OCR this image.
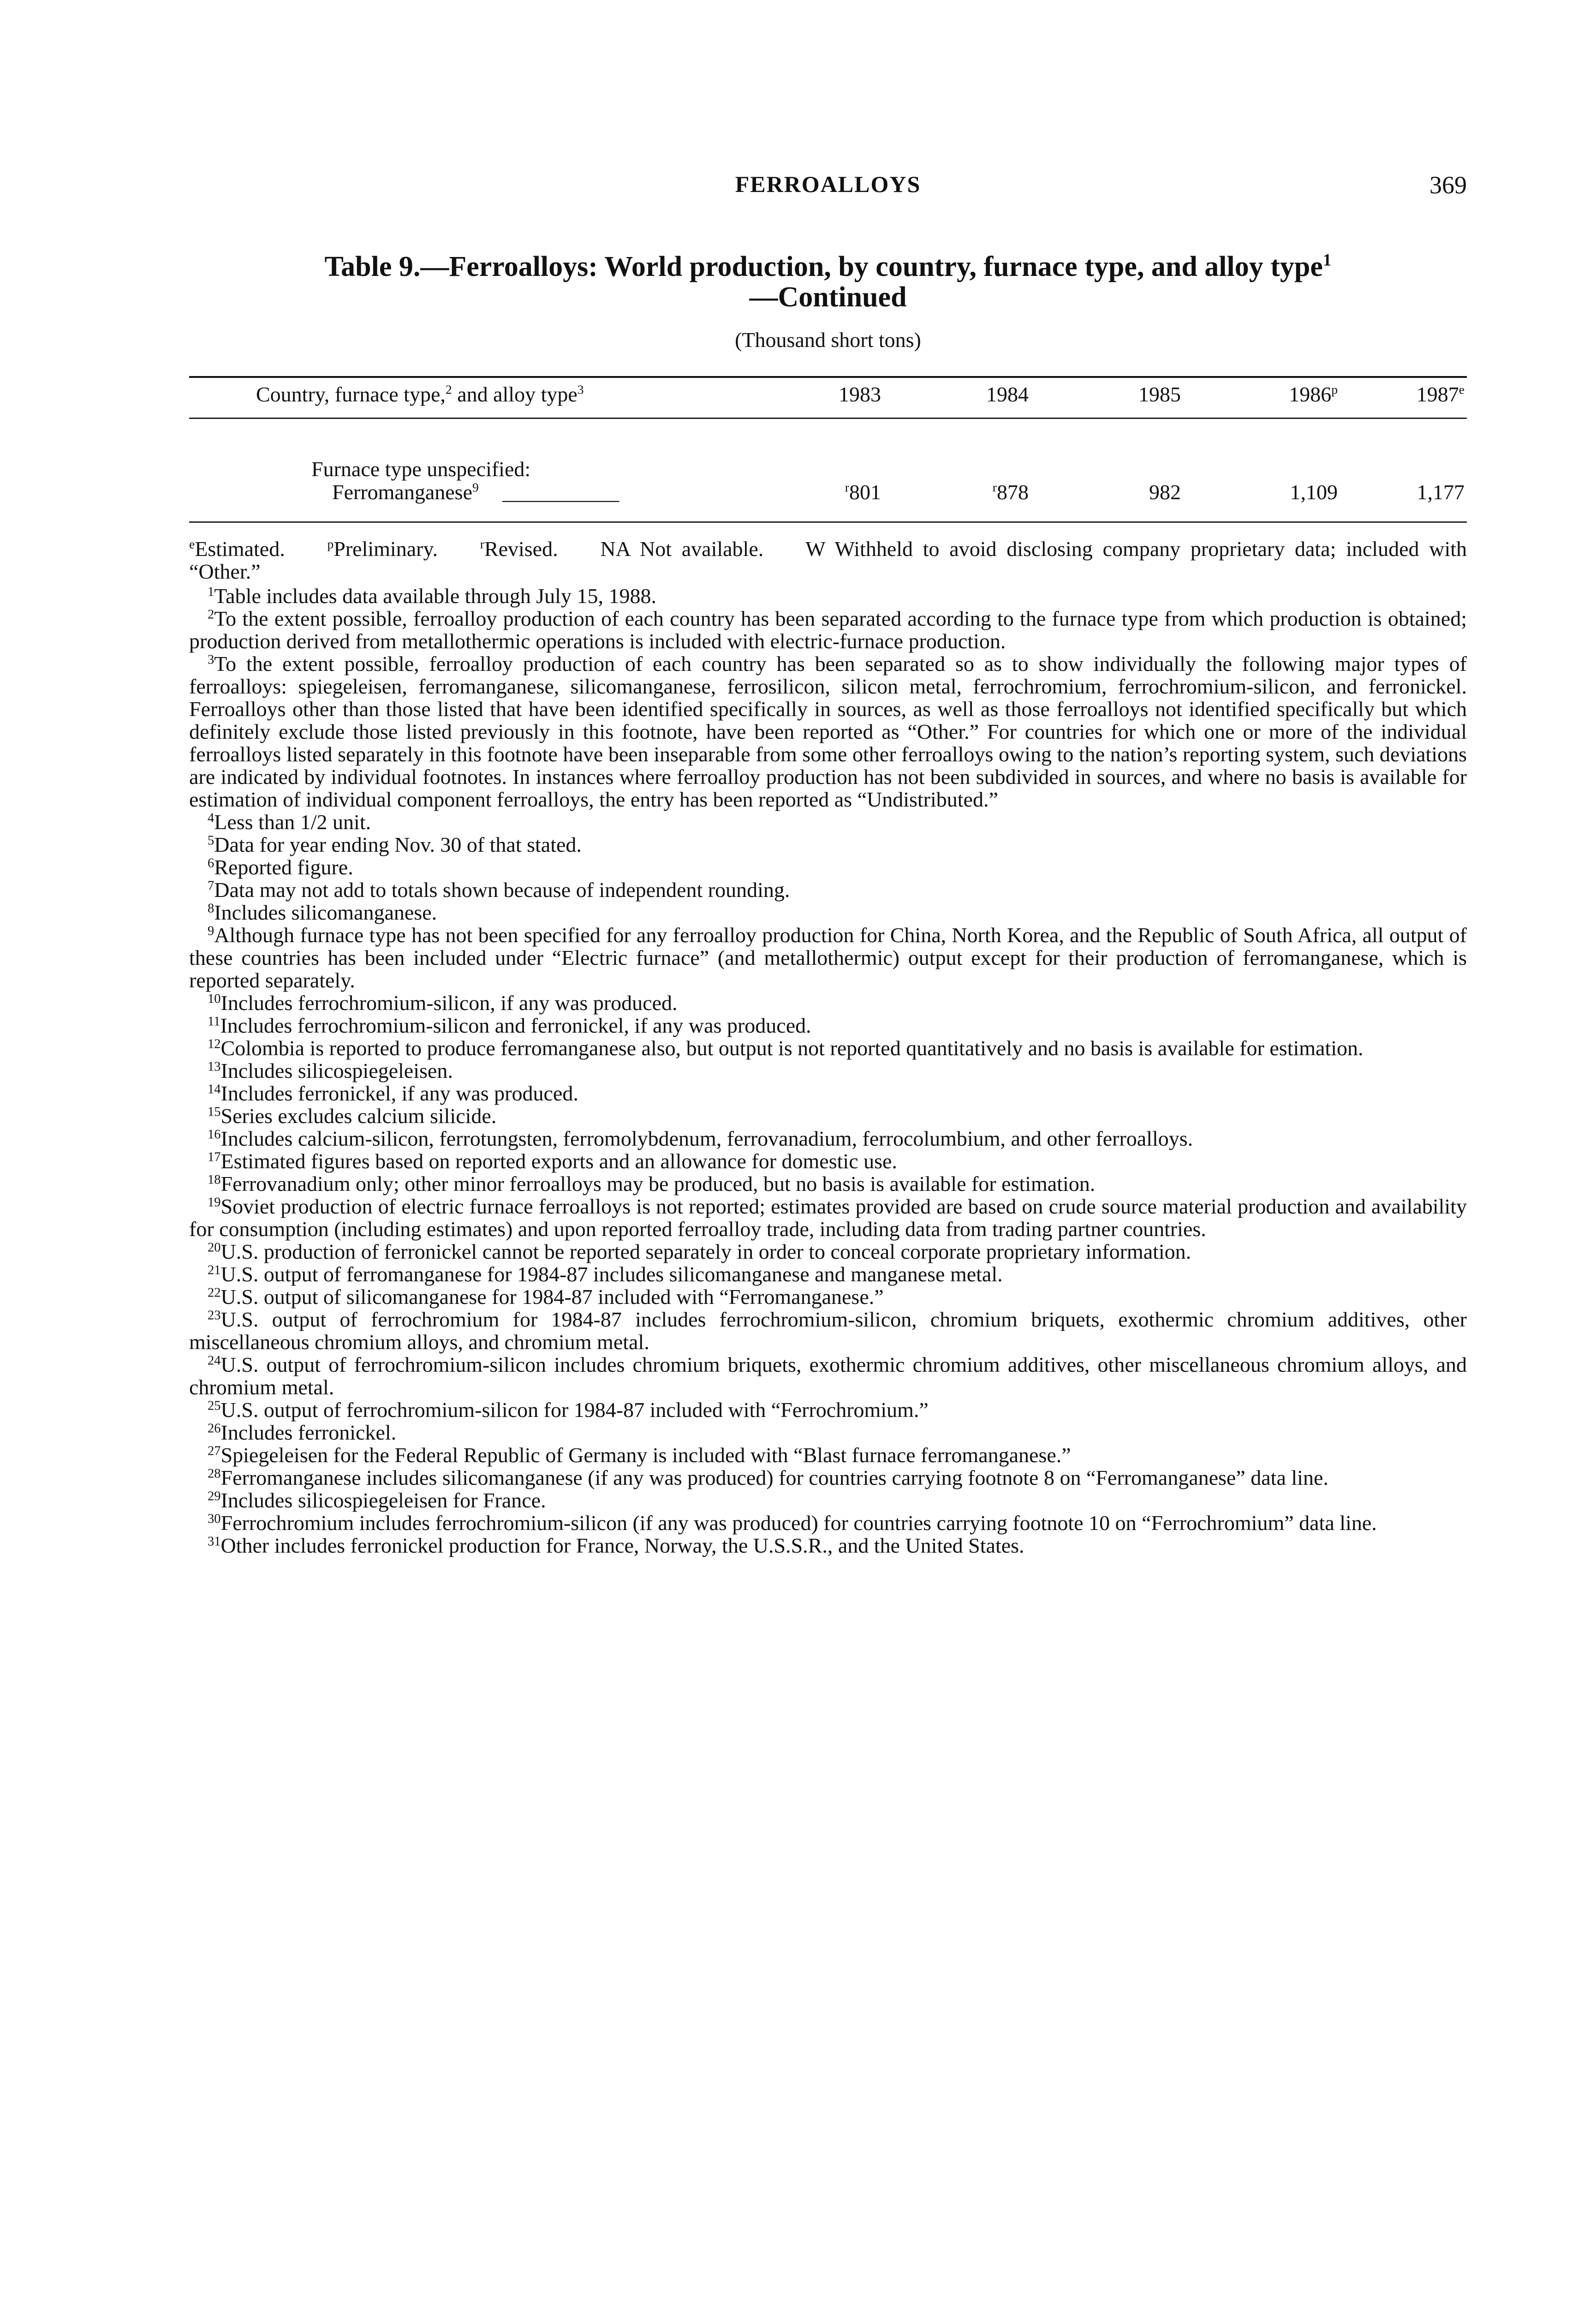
FERROALLOYS	369
Table 9.—Ferroalloys: World production, by country, furnace type, and alloy type$^1$
—Continued
(Thousand short tons)
Country, furnace type,$^2$ and alloy type$^3$	1983	1984	1985	1986$^p$	1987e
Furnace type unspecified:
Ferromanganese$^9$ ___________	$^r$801	$^r$878	982	1,109	1,177

$^e$Estimated.	$^p$Preliminary.	$^r$Revised. NA Not available. W Withheld to avoid disclosing company proprietary data; included with “Other.”

$^1$Table includes data available through July 15, 1988.

$^2$To the extent possible, ferroalloy production of each country has been separated according to the furnace type from which production is obtained; production derived from metallothermic operations is included with electric-furnace production.

$^3$To the extent possible, ferroalloy production of each country has been separated so as to show individually the following major types of ferroalloys: spiegeleisen, ferromanganese, silicomanganese, ferrosilicon, silicon metal, ferrochromium, ferrochromium-silicon, and ferronickel. Ferroalloys other than those listed that have been identified specifically in sources, as well as those ferroalloys not identified specifically but which definitely exclude those listed previously in this footnote, have been reported as “Other.” For countries for which one or more of the individual ferroalloys listed separately in this footnote have been inseparable from some other ferroalloys owing to the nation’s reporting system, such deviations are indicated by individual footnotes. In instances where ferroalloy production has not been subdivided in sources, and where no basis is available for estimation of individual component ferroalloys, the entry has been reported as “Undistributed.”

$^4$Less than 1/2 unit.

$^5$Data for year ending Nov. 30 of that stated.

$^6$Reported figure.

$^7$Data may not add to totals shown because of independent rounding.

$^8$Includes silicomanganese.

$^9$Although furnace type has not been specified for any ferroalloy production for China, North Korea, and the Republic of South Africa, all output of these countries has been included under “Electric furnace” (and metallothermic) output except for their production of ferromanganese, which is reported separately.

$^{10}$Includes ferrochromium-silicon, if any was produced.

$^{11}$Includes ferrochromium-silicon and ferronickel, if any was produced.

$^{12}$Colombia is reported to produce ferromanganese also, but output is not reported quantitatively and no basis is available for estimation.

$^{13}$Includes silicospiegeleisen.

$^{14}$Includes ferronickel, if any was produced.

$^{15}$Series excludes calcium silicide.

$^{16}$Includes calcium-silicon, ferrotungsten, ferromolybdenum, ferrovanadium, ferrocolumbium, and other ferroalloys.

$^{17}$Estimated figures based on reported exports and an allowance for domestic use.

$^{18}$Ferrovanadium only; other minor ferroalloys may be produced, but no basis is available for estimation.

$^{19}$Soviet production of electric furnace ferroalloys is not reported; estimates provided are based on crude source material production and availability for consumption (including estimates) and upon reported ferroalloy trade, including data from trading partner countries.

$^{20}$U.S. production of ferronickel cannot be reported separately in order to conceal corporate proprietary information.

$^{21}$U.S. output of ferromanganese for 1984-87 includes silicomanganese and manganese metal.

$^{22}$U.S. output of silicomanganese for 1984-87 included with “Ferromanganese.”

$^{23}$U.S. output of ferrochromium for 1984-87 includes ferrochromium-silicon, chromium briquets, exothermic chromium additives, other miscellaneous chromium alloys, and chromium metal.

$^{24}$U.S. output of ferrochromium-silicon includes chromium briquets, exothermic chromium additives, other miscellaneous chromium alloys, and chromium metal.

$^{25}$U.S. output of ferrochromium-silicon for 1984-87 included with “Ferrochromium.”

$^{26}$Includes ferronickel.

$^{27}$Spiegeleisen for the Federal Republic of Germany is included with “Blast furnace ferromanganese.”

$^{28}$Ferromanganese includes silicomanganese (if any was produced) for countries carrying footnote 8 on “Ferromanganese” data line.

$^{29}$Includes silicospiegeleisen for France.

$^{30}$Ferrochromium includes ferrochromium-silicon (if any was produced) for countries carrying footnote 10 on “Ferrochromium” data line.

$^{31}$Other includes ferronickel production for France, Norway, the U.S.S.R., and the United States.
